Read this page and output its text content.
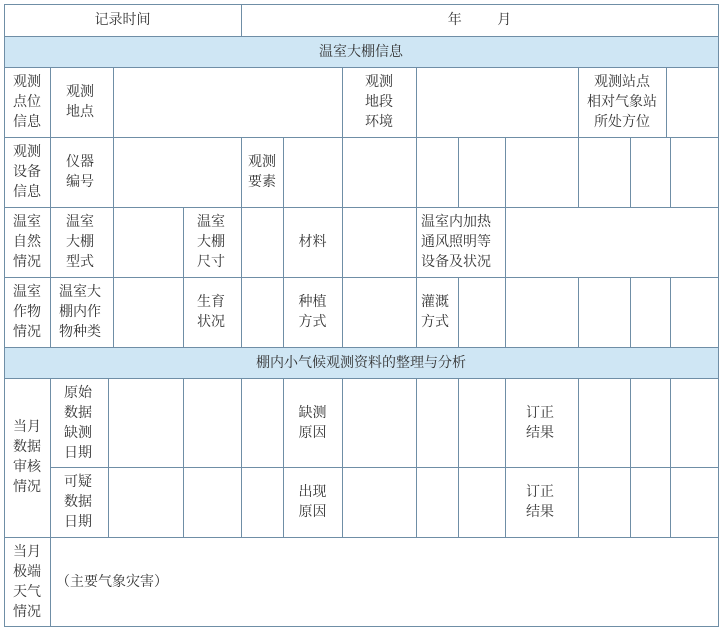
记录时间	年        月
温室大棚信息
棚内小气候观测资料的整理与分析
观测
点位
信息
观测
地点
观测
地段
环境
观测站点
相对气象站
所处方位
观测
设备
信息
仪器
编号
观测
要素
温室
自然
情况
温室
大棚
型式
温室
大棚
尺寸
材料
温室内加热
通风照明等
设备及状况
温室
作物
情况
温室大
棚内作
物种类
生育
状况
种植
方式
灌溉
方式
当月
数据
审核
情况
原始
数据
缺测
日期
缺测
原因
订正
结果
可疑
数据
日期
出现
原因
订正
结果
当月
极端
天气
情况
（主要气象灾害）
